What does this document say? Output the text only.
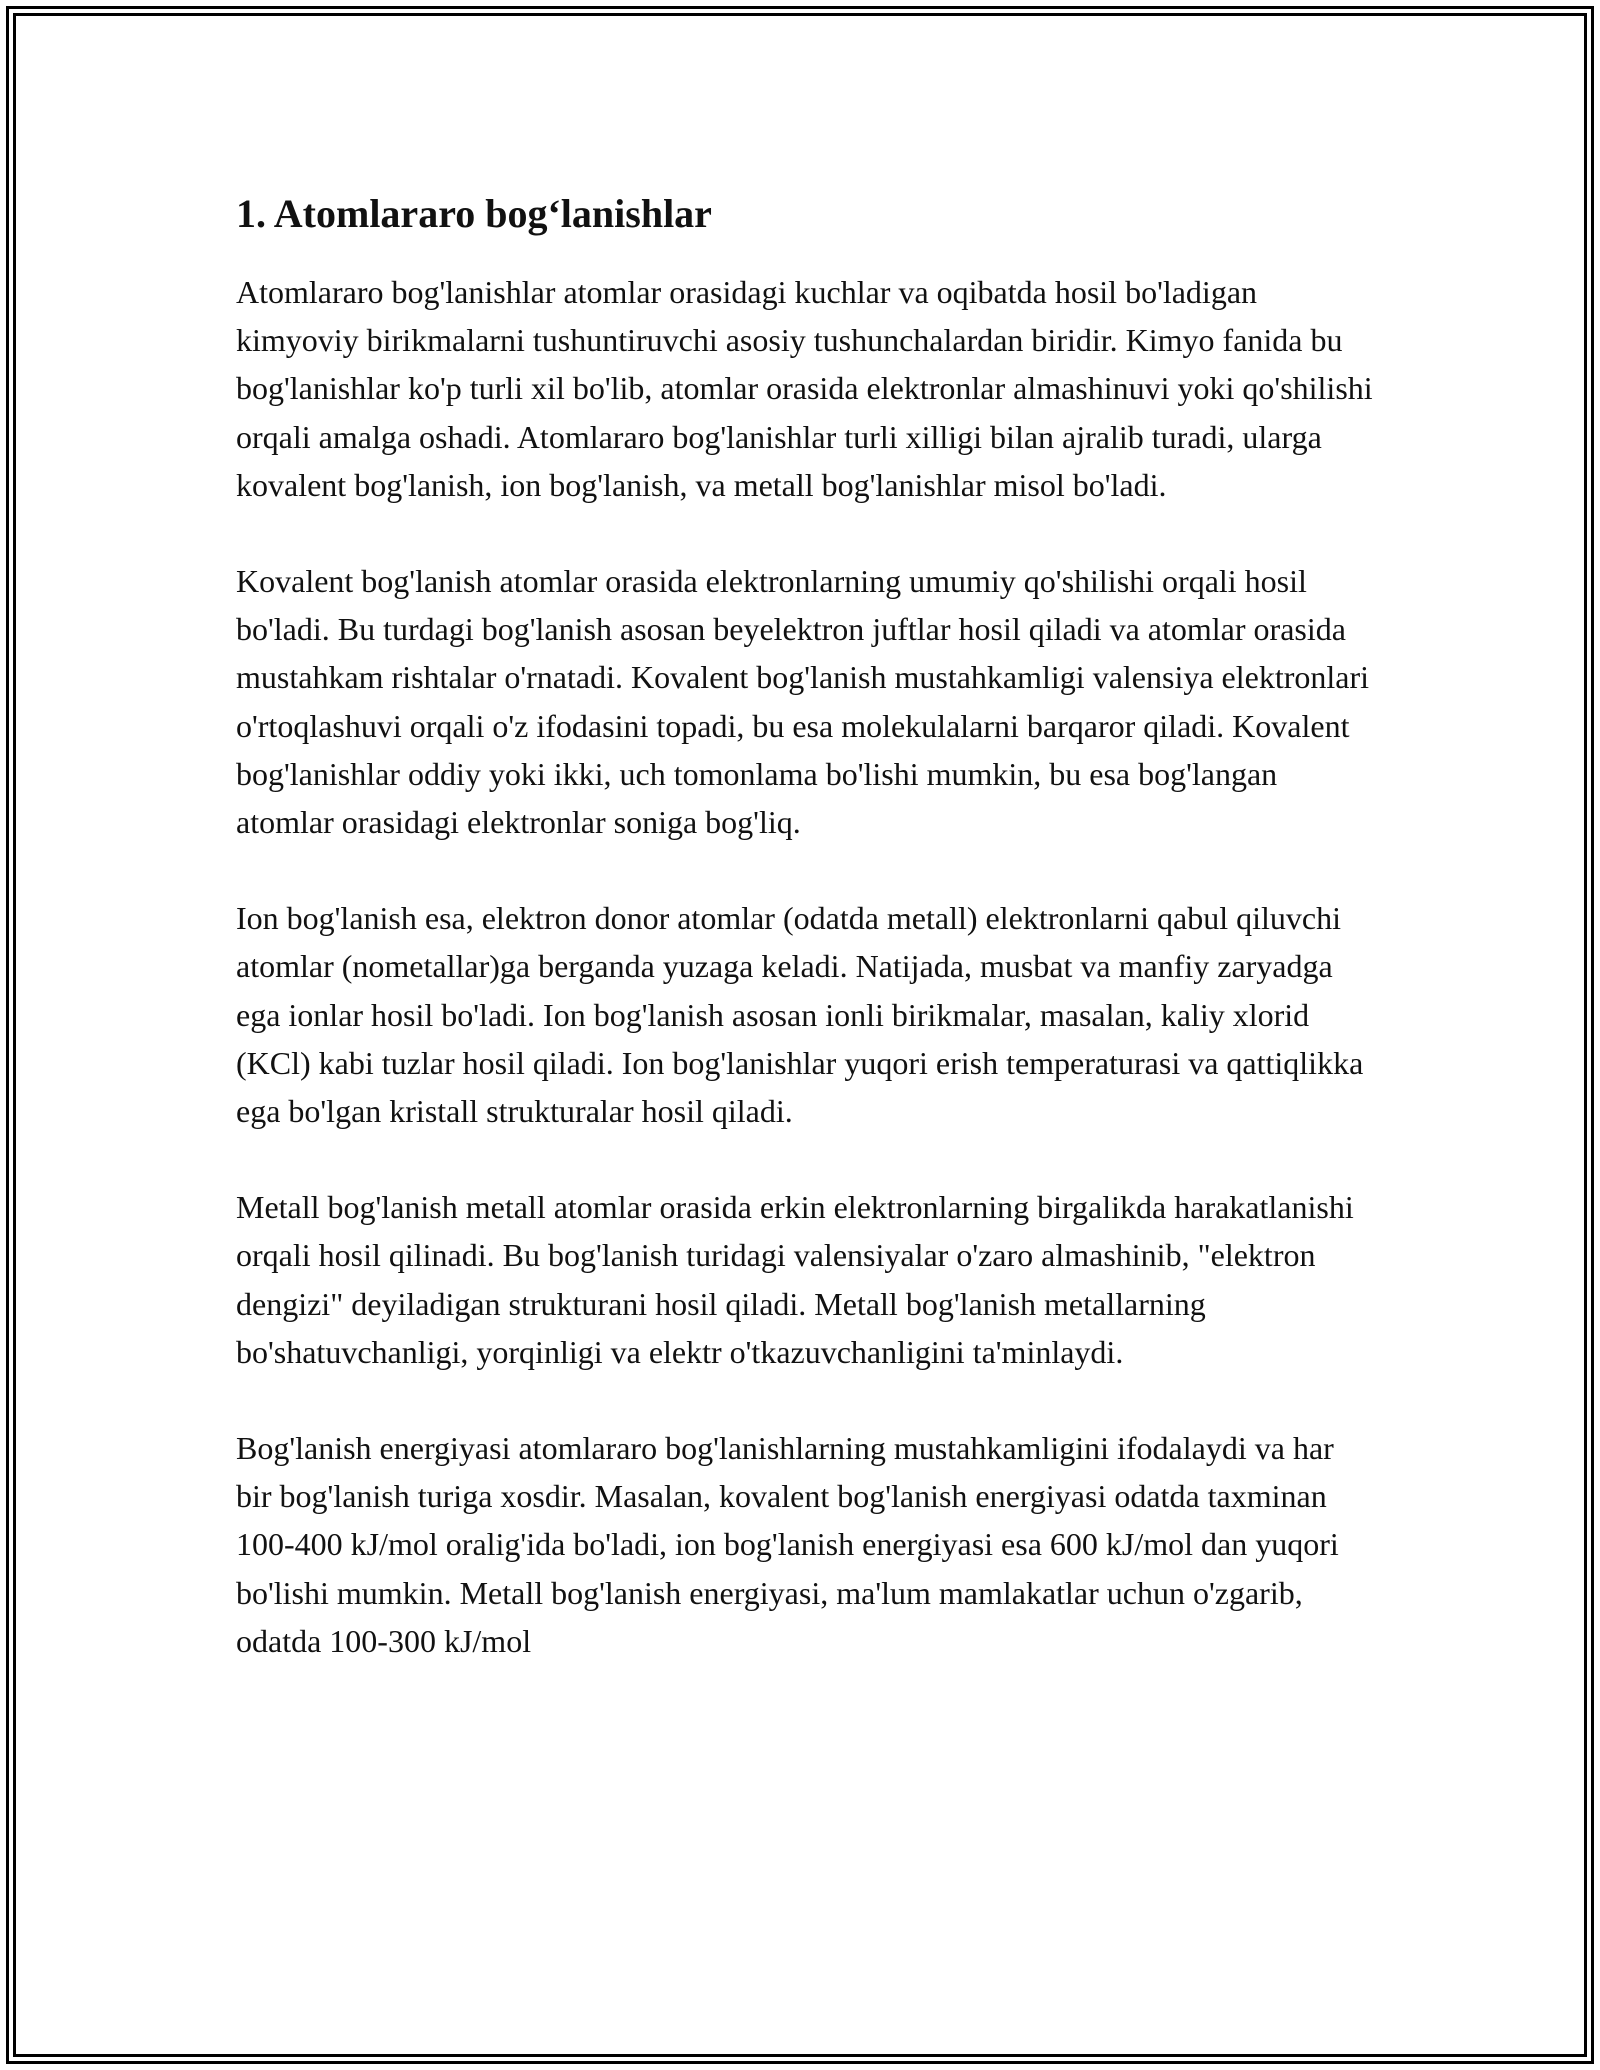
1. Atomlararo bog‘lanishlar

Atomlararo bog'lanishlar atomlar orasidagi kuchlar va oqibatda hosil bo'ladigan kimyoviy birikmalarni tushuntiruvchi asosiy tushunchalardan biridir. Kimyo fanida bu bog'lanishlar ko'p turli xil bo'lib, atomlar orasida elektronlar almashinuvi yoki qo'shilishi orqali amalga oshadi. Atomlararo bog'lanishlar turli xilligi bilan ajralib turadi, ularga kovalent bog'lanish, ion bog'lanish, va metall bog'lanishlar misol bo'ladi.

Kovalent bog'lanish atomlar orasida elektronlarning umumiy qo'shilishi orqali hosil bo'ladi. Bu turdagi bog'lanish asosan beyelektron juftlar hosil qiladi va atomlar orasida mustahkam rishtalar o'rnatadi. Kovalent bog'lanish mustahkamligi valensiya elektronlari o'rtoqlashuvi orqali o'z ifodasini topadi, bu esa molekulalarni barqaror qiladi. Kovalent bog'lanishlar oddiy yoki ikki, uch tomonlama bo'lishi mumkin, bu esa bog'langan atomlar orasidagi elektronlar soniga bog'liq.

Ion bog'lanish esa, elektron donor atomlar (odatda metall) elektronlarni qabul qiluvchi atomlar (nometallar)ga berganda yuzaga keladi. Natijada, musbat va manfiy zaryadga ega ionlar hosil bo'ladi. Ion bog'lanish asosan ionli birikmalar, masalan, kaliy xlorid (KCl) kabi tuzlar hosil qiladi. Ion bog'lanishlar yuqori erish temperaturasi va qattiqlikka ega bo'lgan kristall strukturalar hosil qiladi.

Metall bog'lanish metall atomlar orasida erkin elektronlarning birgalikda harakatlanishi orqali hosil qilinadi. Bu bog'lanish turidagi valensiyalar o'zaro almashinib, "elektron dengizi" deyiladigan strukturani hosil qiladi. Metall bog'lanish metallarning bo'shatuvchanligi, yorqinligi va elektr o'tkazuvchanligini ta'minlaydi.

Bog'lanish energiyasi atomlararo bog'lanishlarning mustahkamligini ifodalaydi va har bir bog'lanish turiga xosdir. Masalan, kovalent bog'lanish energiyasi odatda taxminan 100-400 kJ/mol oralig'ida bo'ladi, ion bog'lanish energiyasi esa 600 kJ/mol dan yuqori bo'lishi mumkin. Metall bog'lanish energiyasi, ma'lum mamlakatlar uchun o'zgarib, odatda 100-300 kJ/mol
